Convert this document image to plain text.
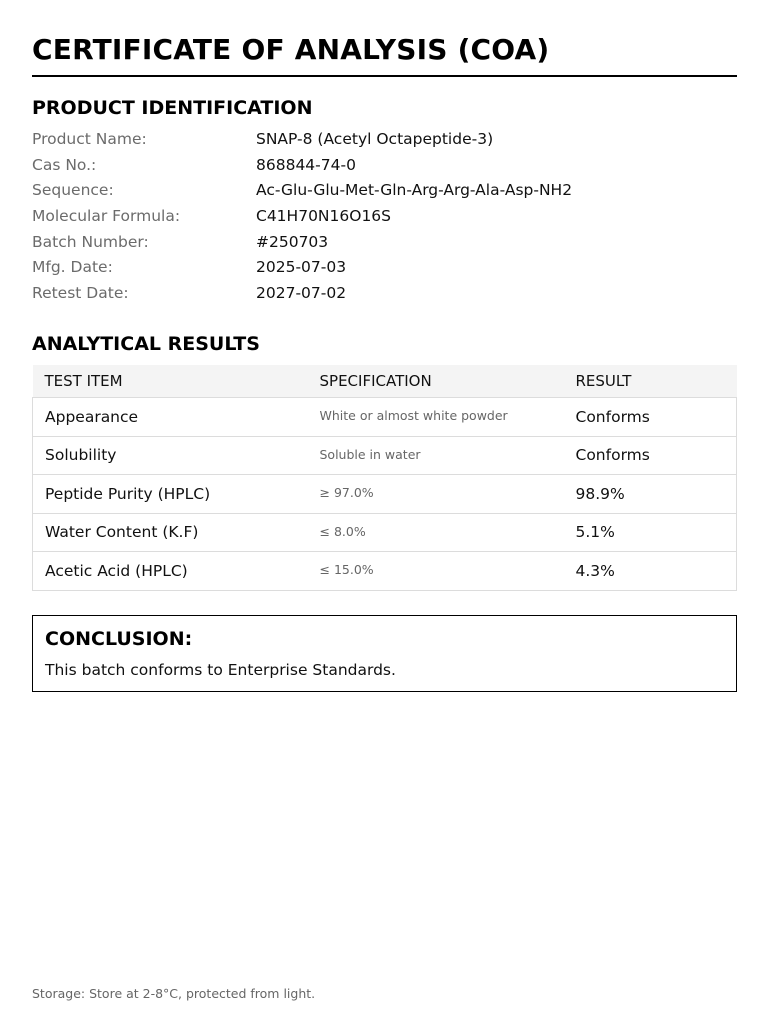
CERTIFICATE OF ANALYSIS (COA)
PRODUCT IDENTIFICATION
Product Name:	SNAP-8 (Acetyl Octapeptide-3)
Cas No.:	868844-74-0
Sequence:	Ac-Glu-Glu-Met-Gln-Arg-Arg-Ala-Asp-NH2
Molecular Formula:	C41H70N16O16S
Batch Number:	#250703
Mfg. Date:	2025-07-03
Retest Date:	2027-07-02
ANALYTICAL RESULTS
TEST ITEM	SPECIFICATION	RESULT
Appearance	White or almost white powder	Conforms
Solubility	Soluble in water	Conforms
Peptide Purity (HPLC)	≥ 97.0%	98.9%
Water Content (K.F)	≤ 8.0%	5.1%
Acetic Acid (HPLC)	≤ 15.0%	4.3%
CONCLUSION:
This batch conforms to Enterprise Standards.
Storage: Store at 2-8°C, protected from light.
